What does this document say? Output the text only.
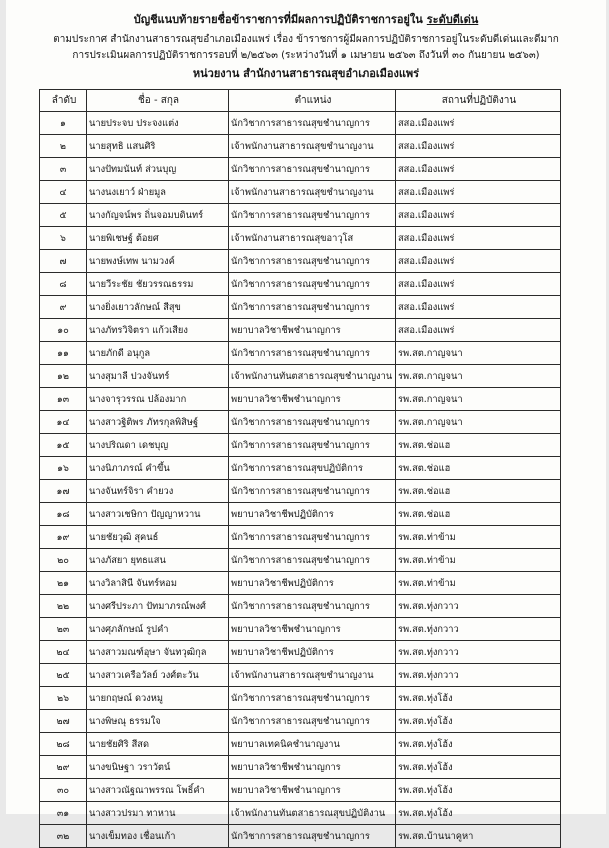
บัญชีแนบท้ายรายชื่อข้าราชการที่มีผลการปฏิบัติราชการอยู่ใน ระดับดีเด่น
ตามประกาศ สำนักงานสาธารณสุขอำเภอเมืองแพร่ เรื่อง ข้าราชการผู้มีผลการปฏิบัติราชการอยู่ในระดับดีเด่นและดีมาก
การประเมินผลการปฏิบัติราชการรอบที่ ๒/๒๕๖๓ (ระหว่างวันที่ ๑ เมษายน ๒๕๖๓ ถึงวันที่ ๓๐ กันยายน ๒๕๖๓)
หน่วยงาน สำนักงานสาธารณสุขอำเภอเมืองแพร่
ลำดับ	ชื่อ - สกุล	ตำแหน่ง	สถานที่ปฏิบัติงาน
๑	นายประจบ ประจงแต่ง	นักวิชาการสาธารณสุขชำนาญการ	สสอ.เมืองแพร่
๒	นายสุทธิ แสนศิริ	เจ้าพนักงานสาธารณสุขชำนาญงาน	สสอ.เมืองแพร่
๓	นางปัทมนันท์ ส่วนบุญ	นักวิชาการสาธารณสุขชำนาญการ	สสอ.เมืองแพร่
๔	นางนงเยาว์ ฝ่ายมูล	เจ้าพนักงานสาธารณสุขชำนาญงาน	สสอ.เมืองแพร่
๕	นางกัญจน์พร ถิ่นจอมบดินทร์	นักวิชาการสาธารณสุขชำนาญการ	สสอ.เมืองแพร่
๖	นายพิเชษฐ์ ต้อยศ	เจ้าพนักงานสาธารณสุขอาวุโส	สสอ.เมืองแพร่
๗	นายพงษ์เทพ นามวงค์	นักวิชาการสาธารณสุขชำนาญการ	สสอ.เมืองแพร่
๘	นายวีระชัย ชัยวรรณธรรม	นักวิชาการสาธารณสุขชำนาญการ	สสอ.เมืองแพร่
๙	นางยิ่งเยาวลักษณ์ สีสุข	นักวิชาการสาธารณสุขชำนาญการ	สสอ.เมืองแพร่
๑๐	นางภัทรวิจิตรา แก้วเสียง	พยาบาลวิชาชีพชำนาญการ	สสอ.เมืองแพร่
๑๑	นายภักดี อนุกูล	นักวิชาการสาธารณสุขชำนาญการ	รพ.สต.กาญจนา
๑๒	นางสุมาลี ปวงจันทร์	เจ้าพนักงานทันตสาธารณสุขชำนาญงาน	รพ.สต.กาญจนา
๑๓	นางจารุวรรณ ปล้องมาก	พยาบาลวิชาชีพชำนาญการ	รพ.สต.กาญจนา
๑๔	นางสาวฐิติพร ภัทรกุลพิสิษฐ์	นักวิชาการสาธารณสุขชำนาญการ	รพ.สต.กาญจนา
๑๕	นางปริณดา เดชบุญ	นักวิชาการสาธารณสุขชำนาญการ	รพ.สต.ช่อแฮ
๑๖	นางนิภาภรณ์ คำขึ้น	นักวิชาการสาธารณสุขปฏิบัติการ	รพ.สต.ช่อแฮ
๑๗	นางจันทร์จิรา คำยวง	นักวิชาการสาธารณสุขชำนาญการ	รพ.สต.ช่อแฮ
๑๘	นางสาวเชษิกา ปัญญาหวาน	พยาบาลวิชาชีพปฏิบัติการ	รพ.สต.ช่อแฮ
๑๙	นายชัยวุฒิ สุคนธ์	นักวิชาการสาธารณสุขชำนาญการ	รพ.สต.ท่าข้าม
๒๐	นางภัสยา ยุทธแสน	นักวิชาการสาธารณสุขชำนาญการ	รพ.สต.ท่าข้าม
๒๑	นางวิลาสินี จันทร์หอม	พยาบาลวิชาชีพปฏิบัติการ	รพ.สต.ท่าข้าม
๒๒	นางศรีประภา ปัทมาภรณ์พงศ์	นักวิชาการสาธารณสุขชำนาญการ	รพ.สต.ทุ่งกวาว
๒๓	นางศุภลักษณ์ รูปคำ	พยาบาลวิชาชีพชำนาญการ	รพ.สต.ทุ่งกวาว
๒๔	นางสาวมณฑ์อุษา จันทวุฒิกุล	พยาบาลวิชาชีพปฏิบัติการ	รพ.สต.ทุ่งกวาว
๒๕	นางสาวเครือวัลย์ วงศ์ตะวัน	เจ้าพนักงานสาธารณสุขชำนาญงาน	รพ.สต.ทุ่งกวาว
๒๖	นายกฤษณ์ ดวงหมู	นักวิชาการสาธารณสุขชำนาญการ	รพ.สต.ทุ่งโฮ้ง
๒๗	นางพิษณุ ธรรมใจ	นักวิชาการสาธารณสุขชำนาญการ	รพ.สต.ทุ่งโฮ้ง
๒๘	นายชัยศิริ สีสด	พยาบาลเทคนิคชำนาญงาน	รพ.สต.ทุ่งโฮ้ง
๒๙	นางขนิษฐา วราวัตน์	พยาบาลวิชาชีพชำนาญการ	รพ.สต.ทุ่งโฮ้ง
๓๐	นางสาวณัฐณาพรรณ โพธิ์คำ	พยาบาลวิชาชีพชำนาญการ	รพ.สต.ทุ่งโฮ้ง
๓๑	นางสาวปรมา ทาหาน	เจ้าพนักงานทันตสาธารณสุขปฏิบัติงาน	รพ.สต.ทุ่งโฮ้ง
๓๒	นางเข็มทอง เชื่อนเก้า	นักวิชาการสาธารณสุขชำนาญการ	รพ.สต.บ้านนาคูหา
